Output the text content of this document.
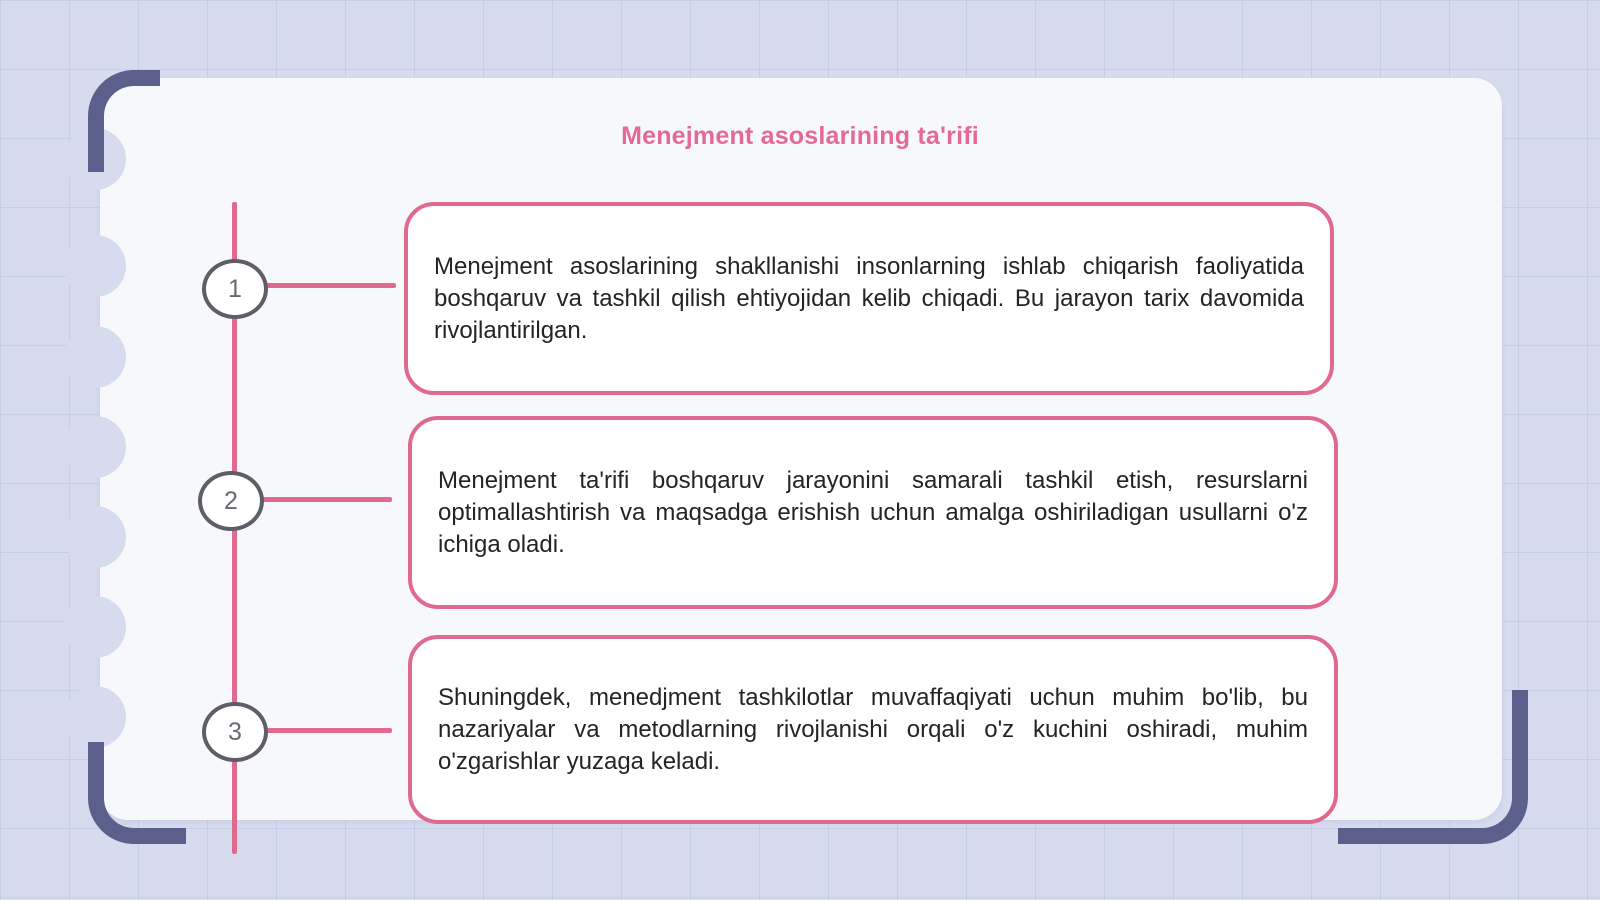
Menejment asoslarining ta'rifi
1
2
3

Menejment asoslarining shakllanishi insonlarning ishlab chiqarish faoliyatida boshqaruv va tashkil qilish ehtiyojidan kelib chiqadi. Bu jarayon tarix davomida rivojlantirilgan.

Menejment ta'rifi boshqaruv jarayonini samarali tashkil etish, resurslarni optimallashtirish va maqsadga erishish uchun amalga oshiriladigan usullarni o'z ichiga oladi.

Shuningdek, menedjment tashkilotlar muvaffaqiyati uchun muhim bo'lib, bu nazariyalar va metodlarning rivojlanishi orqali o'z kuchini oshiradi, muhim o'zgarishlar yuzaga keladi.
